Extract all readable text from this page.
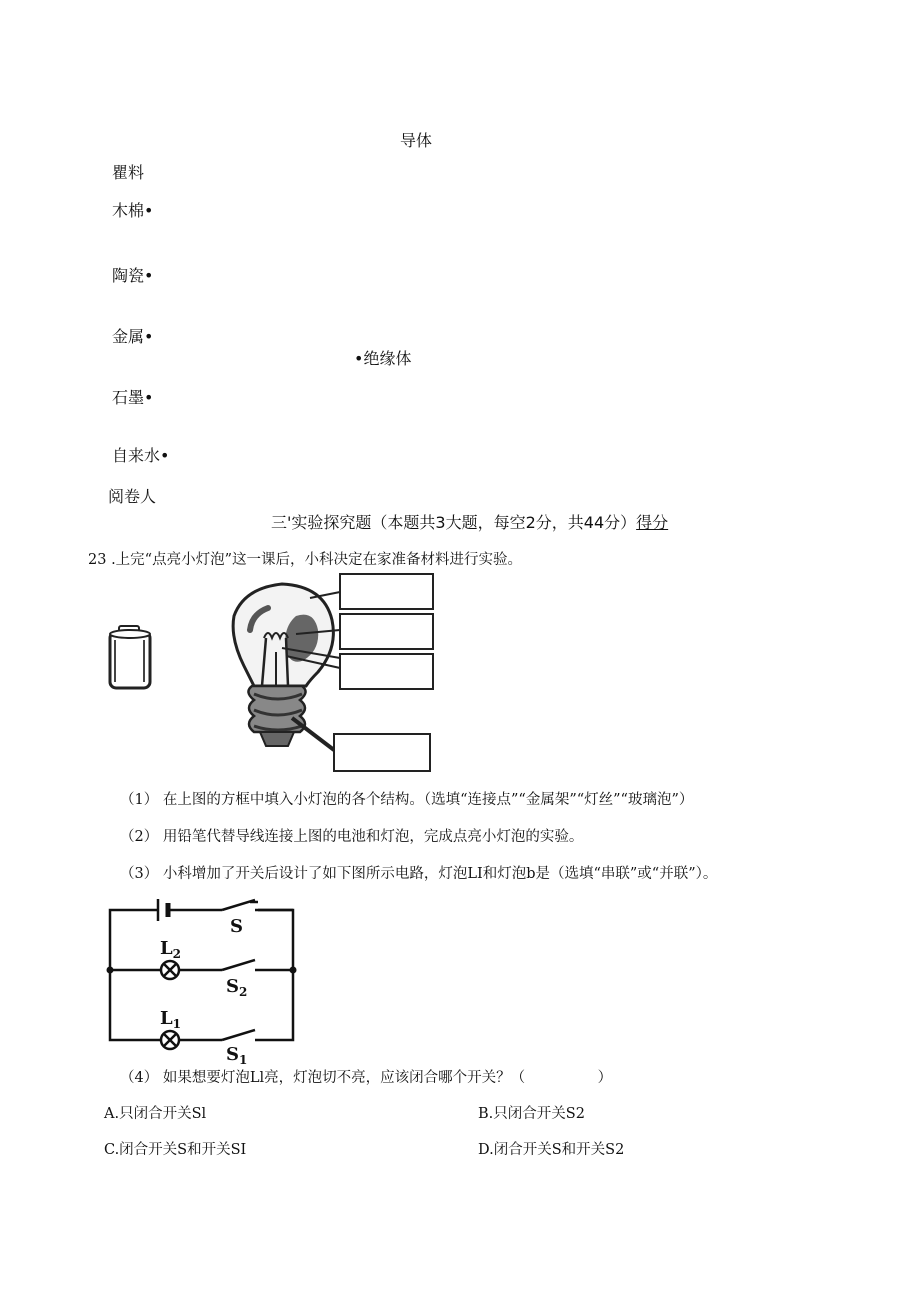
导体
瞿料
木棉•
陶瓷•
金属•
•绝缘体
石墨•
自来水•
阅卷人
三'实验探究题（本题共3大题，每空2分，共44分）得分
23 .上完“点亮小灯泡”这一课后，小科决定在家准备材料进行实验。
（1） 在上图的方框中填入小灯泡的各个结构。（选填“连接点”“金属架”“灯丝”“玻璃泡”）
（2） 用铅笔代替导线连接上图的电池和灯泡，完成点亮小灯泡的实验。
（3） 小科增加了开关后设计了如下图所示电路，灯泡LI和灯泡b是（选填“串联”或“并联”）。
S
$L_2$
$S_2$
$L_1$
$S_1$
（4） 如果想要灯泡Ll亮，灯泡切不亮，应该闭合哪个开关？（　　　　　）
A.只闭合开关Sl	B.只闭合开关S2
C.闭合开关S和开关SI	D.闭合开关S和开关S2
